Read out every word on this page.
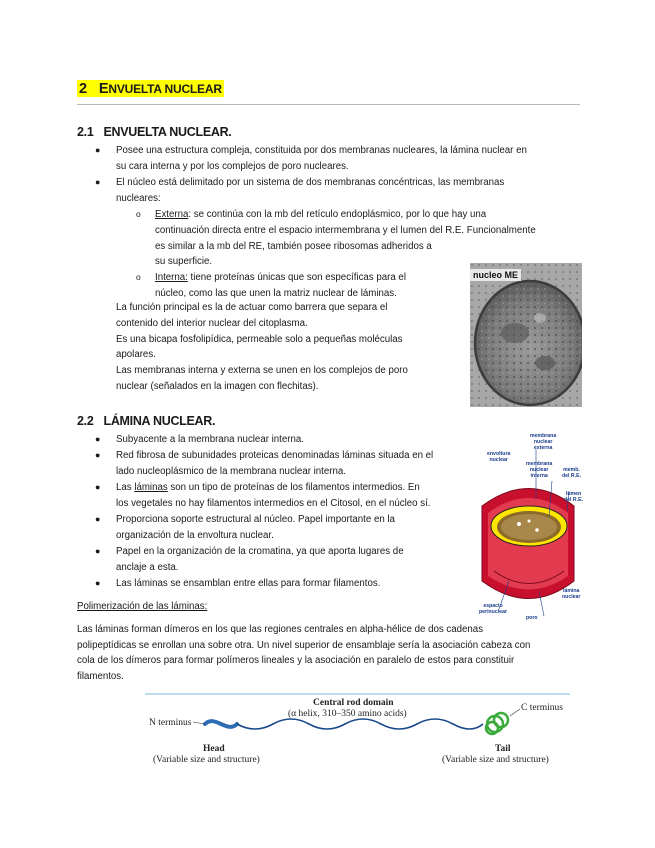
2 ENVUELTA NUCLEAR
2.1 ENVUELTA NUCLEAR.
● Posee una estructura compleja, constituida por dos membranas nucleares, la lámina nuclear en
su cara interna y por los complejos de poro nucleares.
● El núcleo está delimitado por un sistema de dos membranas concéntricas, las membranas
nucleares:
o Externa: se continúa con la mb del retículo endoplásmico, por lo que hay una
continuación directa entre el espacio intermembrana y el lumen del R.E. Funcionalmente
es similar a la mb del RE, también posee ribosomas adheridos a
su superficie.
o Interna: tiene proteínas únicas que son específicas para el
núcleo, como las que unen la matriz nuclear de láminas.
La función principal es la de actuar como barrera que separa el
contenido del interior nuclear del citoplasma.
Es una bicapa fosfolipídica, permeable solo a pequeñas moléculas
apolares.
Las membranas interna y externa se unen en los complejos de poro
nuclear (señalados en la imagen con flechitas).
nucleo ME
2.2 LÁMINA NUCLEAR.
● Subyacente a la membrana nuclear interna.
● Red fibrosa de subunidades proteicas denominadas láminas situada en el
lado nucleoplásmico de la membrana nuclear interna.
● Las láminas son un tipo de proteínas de los filamentos intermedios. En
los vegetales no hay filamentos intermedios en el Citosol, en el núcleo sí.
● Proporciona soporte estructural al núcleo. Papel importante en la
organización de la envoltura nuclear.
● Papel en la organización de la cromatina, ya que aporta lugares de
anclaje a esta.
● Las láminas se ensamblan entre ellas para formar filamentos.
membrana
nuclear
externa
envoltura
nuclear
membrana
nuclear
interna
memb.
del R.E.
lumen
del R.E.
lámina
nuclear
espacio
perinuclear
poro
Polimerización de las láminas:
Las láminas forman dímeros en los que las regiones centrales en alpha-hélice de dos cadenas
polipeptídicas se enrollan una sobre otra. Un nivel superior de ensamblaje sería la asociación cabeza con
cola de los dímeros para formar polímeros lineales y la asociación en paralelo de estos para constituir
filamentos.
Central rod domain
(α helix, 310–350 amino acids)
N terminus
C terminus
Head
(Variable size and structure)
Tail
(Variable size and structure)
